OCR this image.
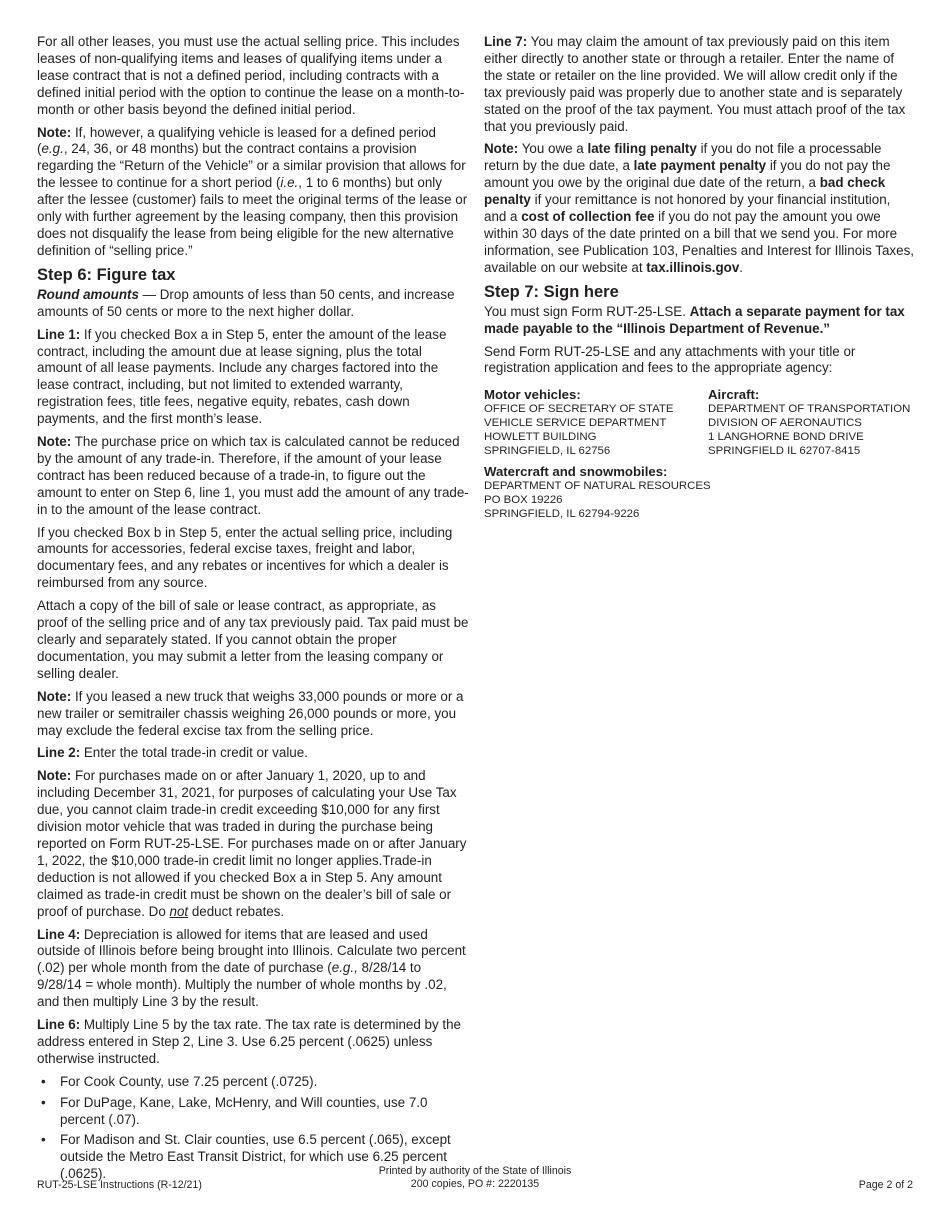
For all other leases, you must use the actual selling price. This includes leases of non-qualifying items and leases of qualifying items under a lease contract that is not a defined period, including contracts with a defined initial period with the option to continue the lease on a month-to-month or other basis beyond the defined initial period.

Note: If, however, a qualifying vehicle is leased for a defined period (e.g., 24, 36, or 48 months) but the contract contains a provision regarding the “Return of the Vehicle” or a similar provision that allows for the lessee to continue for a short period (i.e., 1 to 6 months) but only after the lessee (customer) fails to meet the original terms of the lease or only with further agreement by the leasing company, then this provision does not disqualify the lease from being eligible for the new alternative definition of “selling price.”

Step 6: Figure tax

Round amounts — Drop amounts of less than 50 cents, and increase amounts of 50 cents or more to the next higher dollar.

Line 1: If you checked Box a in Step 5, enter the amount of the lease contract, including the amount due at lease signing, plus the total amount of all lease payments. Include any charges factored into the lease contract, including, but not limited to extended warranty, registration fees, title fees, negative equity, rebates, cash down payments, and the first month’s lease.

Note: The purchase price on which tax is calculated cannot be reduced by the amount of any trade-in. Therefore, if the amount of your lease contract has been reduced because of a trade-in, to figure out the amount to enter on Step 6, line 1, you must add the amount of any trade-in to the amount of the lease contract.

If you checked Box b in Step 5, enter the actual selling price, including amounts for accessories, federal excise taxes, freight and labor, documentary fees, and any rebates or incentives for which a dealer is reimbursed from any source.

Attach a copy of the bill of sale or lease contract, as appropriate, as proof of the selling price and of any tax previously paid. Tax paid must be clearly and separately stated. If you cannot obtain the proper documentation, you may submit a letter from the leasing company or selling dealer.

Note: If you leased a new truck that weighs 33,000 pounds or more or a new trailer or semitrailer chassis weighing 26,000 pounds or more, you may exclude the federal excise tax from the selling price.

Line 2: Enter the total trade-in credit or value.

Note: For purchases made on or after January 1, 2020, up to and including December 31, 2021, for purposes of calculating your Use Tax due, you cannot claim trade-in credit exceeding $10,000 for any first division motor vehicle that was traded in during the purchase being reported on Form RUT-25-LSE. For purchases made on or after January 1, 2022, the $10,000 trade-in credit limit no longer applies.Trade-in deduction is not allowed if you checked Box a in Step 5. Any amount claimed as trade-in credit must be shown on the dealer’s bill of sale or proof of purchase. Do not deduct rebates.

Line 4: Depreciation is allowed for items that are leased and used outside of Illinois before being brought into Illinois. Calculate two percent (.02) per whole month from the date of purchase (e.g., 8/28/14 to 9/28/14 = whole month). Multiply the number of whole months by .02, and then multiply Line 3 by the result.

Line 6: Multiply Line 5 by the tax rate. The tax rate is determined by the address entered in Step 2, Line 3. Use 6.25 percent (.0625) unless otherwise instructed.

• For Cook County, use 7.25 percent (.0725).
• For DuPage, Kane, Lake, McHenry, and Will counties, use 7.0 percent (.07).
• For Madison and St. Clair counties, use 6.5 percent (.065), except outside the Metro East Transit District, for which use 6.25 percent (.0625).

Line 7: You may claim the amount of tax previously paid on this item either directly to another state or through a retailer. Enter the name of the state or retailer on the line provided. We will allow credit only if the tax previously paid was properly due to another state and is separately stated on the proof of the tax payment. You must attach proof of the tax that you previously paid.

Note: You owe a late filing penalty if you do not file a processable return by the due date, a late payment penalty if you do not pay the amount you owe by the original due date of the return, a bad check penalty if your remittance is not honored by your financial institution, and a cost of collection fee if you do not pay the amount you owe within 30 days of the date printed on a bill that we send you. For more information, see Publication 103, Penalties and Interest for Illinois Taxes, available on our website at tax.illinois.gov.

Step 7: Sign here

You must sign Form RUT-25-LSE. Attach a separate payment for tax made payable to the “Illinois Department of Revenue.”

Send Form RUT-25-LSE and any attachments with your title or registration application and fees to the appropriate agency:

Motor vehicles:
OFFICE OF SECRETARY OF STATE
VEHICLE SERVICE DEPARTMENT
HOWLETT BUILDING
SPRINGFIELD, IL 62756
Aircraft:
DEPARTMENT OF TRANSPORTATION
DIVISION OF AERONAUTICS
1 LANGHORNE BOND DRIVE
SPRINGFIELD IL 62707-8415
Watercraft and snowmobiles:
DEPARTMENT OF NATURAL RESOURCES
PO BOX 19226
SPRINGFIELD, IL 62794-9226
RUT-25-LSE Instructions (R-12/21)
Printed by authority of the State of Illinois
200 copies, PO #: 2220135	Page 2 of 2
